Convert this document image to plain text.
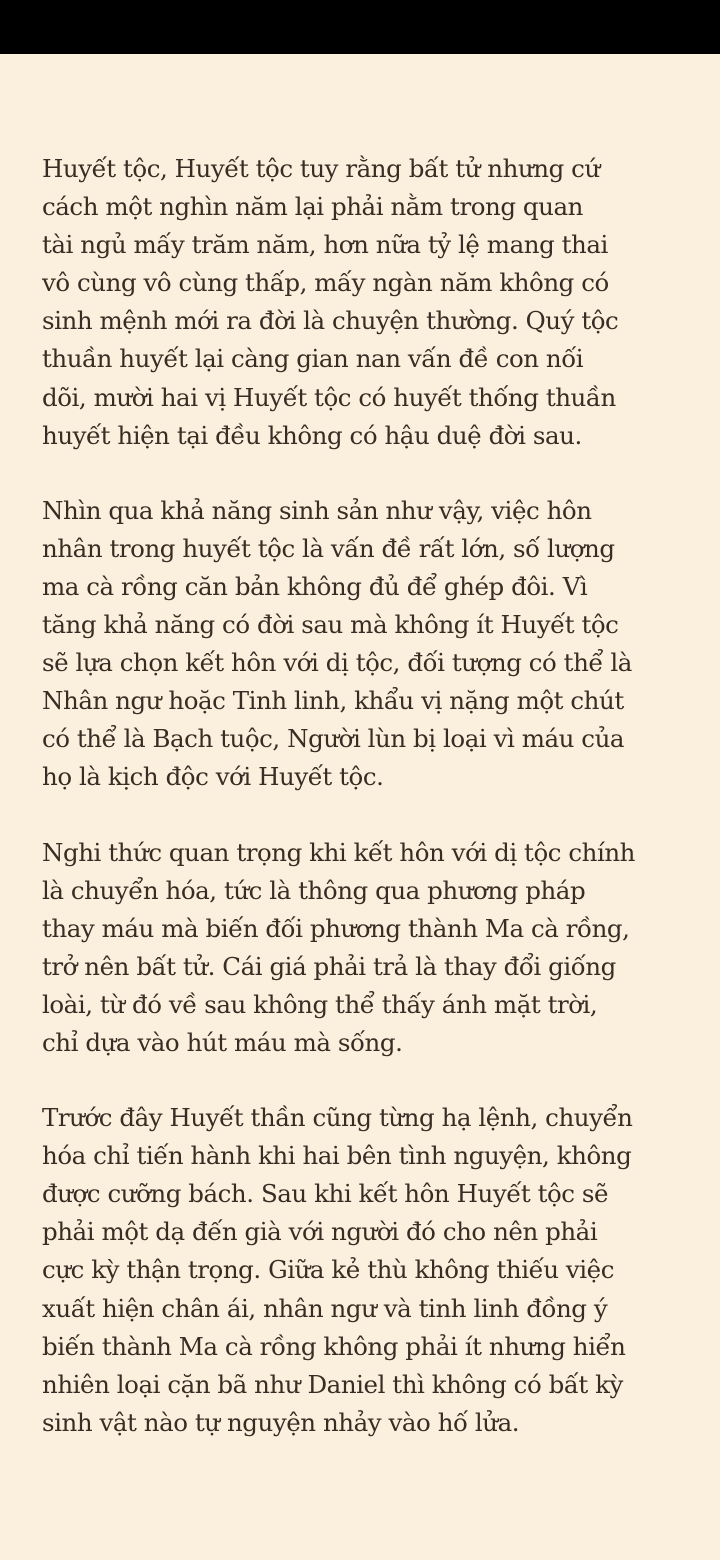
Huyết tộc, Huyết tộc tuy rằng bất tử nhưng cứ
cách một nghìn năm lại phải nằm trong quan
tài ngủ mấy trăm năm, hơn nữa tỷ lệ mang thai
vô cùng vô cùng thấp, mấy ngàn năm không có
sinh mệnh mới ra đời là chuyện thường. Quý tộc
thuần huyết lại càng gian nan vấn đề con nối
dõi, mười hai vị Huyết tộc có huyết thống thuần
huyết hiện tại đều không có hậu duệ đời sau.

Nhìn qua khả năng sinh sản như vậy, việc hôn
nhân trong huyết tộc là vấn đề rất lớn, số lượng
ma cà rồng căn bản không đủ để ghép đôi. Vì
tăng khả năng có đời sau mà không ít Huyết tộc
sẽ lựa chọn kết hôn với dị tộc, đối tượng có thể là
Nhân ngư hoặc Tinh linh, khẩu vị nặng một chút
có thể là Bạch tuộc, Người lùn bị loại vì máu của
họ là kịch độc với Huyết tộc.

Nghi thức quan trọng khi kết hôn với dị tộc chính
là chuyển hóa, tức là thông qua phương pháp
thay máu mà biến đối phương thành Ma cà rồng,
trở nên bất tử. Cái giá phải trả là thay đổi giống
loài, từ đó về sau không thể thấy ánh mặt trời,
chỉ dựa vào hút máu mà sống.

Trước đây Huyết thần cũng từng hạ lệnh, chuyển
hóa chỉ tiến hành khi hai bên tình nguyện, không
được cưỡng bách. Sau khi kết hôn Huyết tộc sẽ
phải một dạ đến già với người đó cho nên phải
cực kỳ thận trọng. Giữa kẻ thù không thiếu việc
xuất hiện chân ái, nhân ngư và tinh linh đồng ý
biến thành Ma cà rồng không phải ít nhưng hiển
nhiên loại cặn bã như Daniel thì không có bất kỳ
sinh vật nào tự nguyện nhảy vào hố lửa.
